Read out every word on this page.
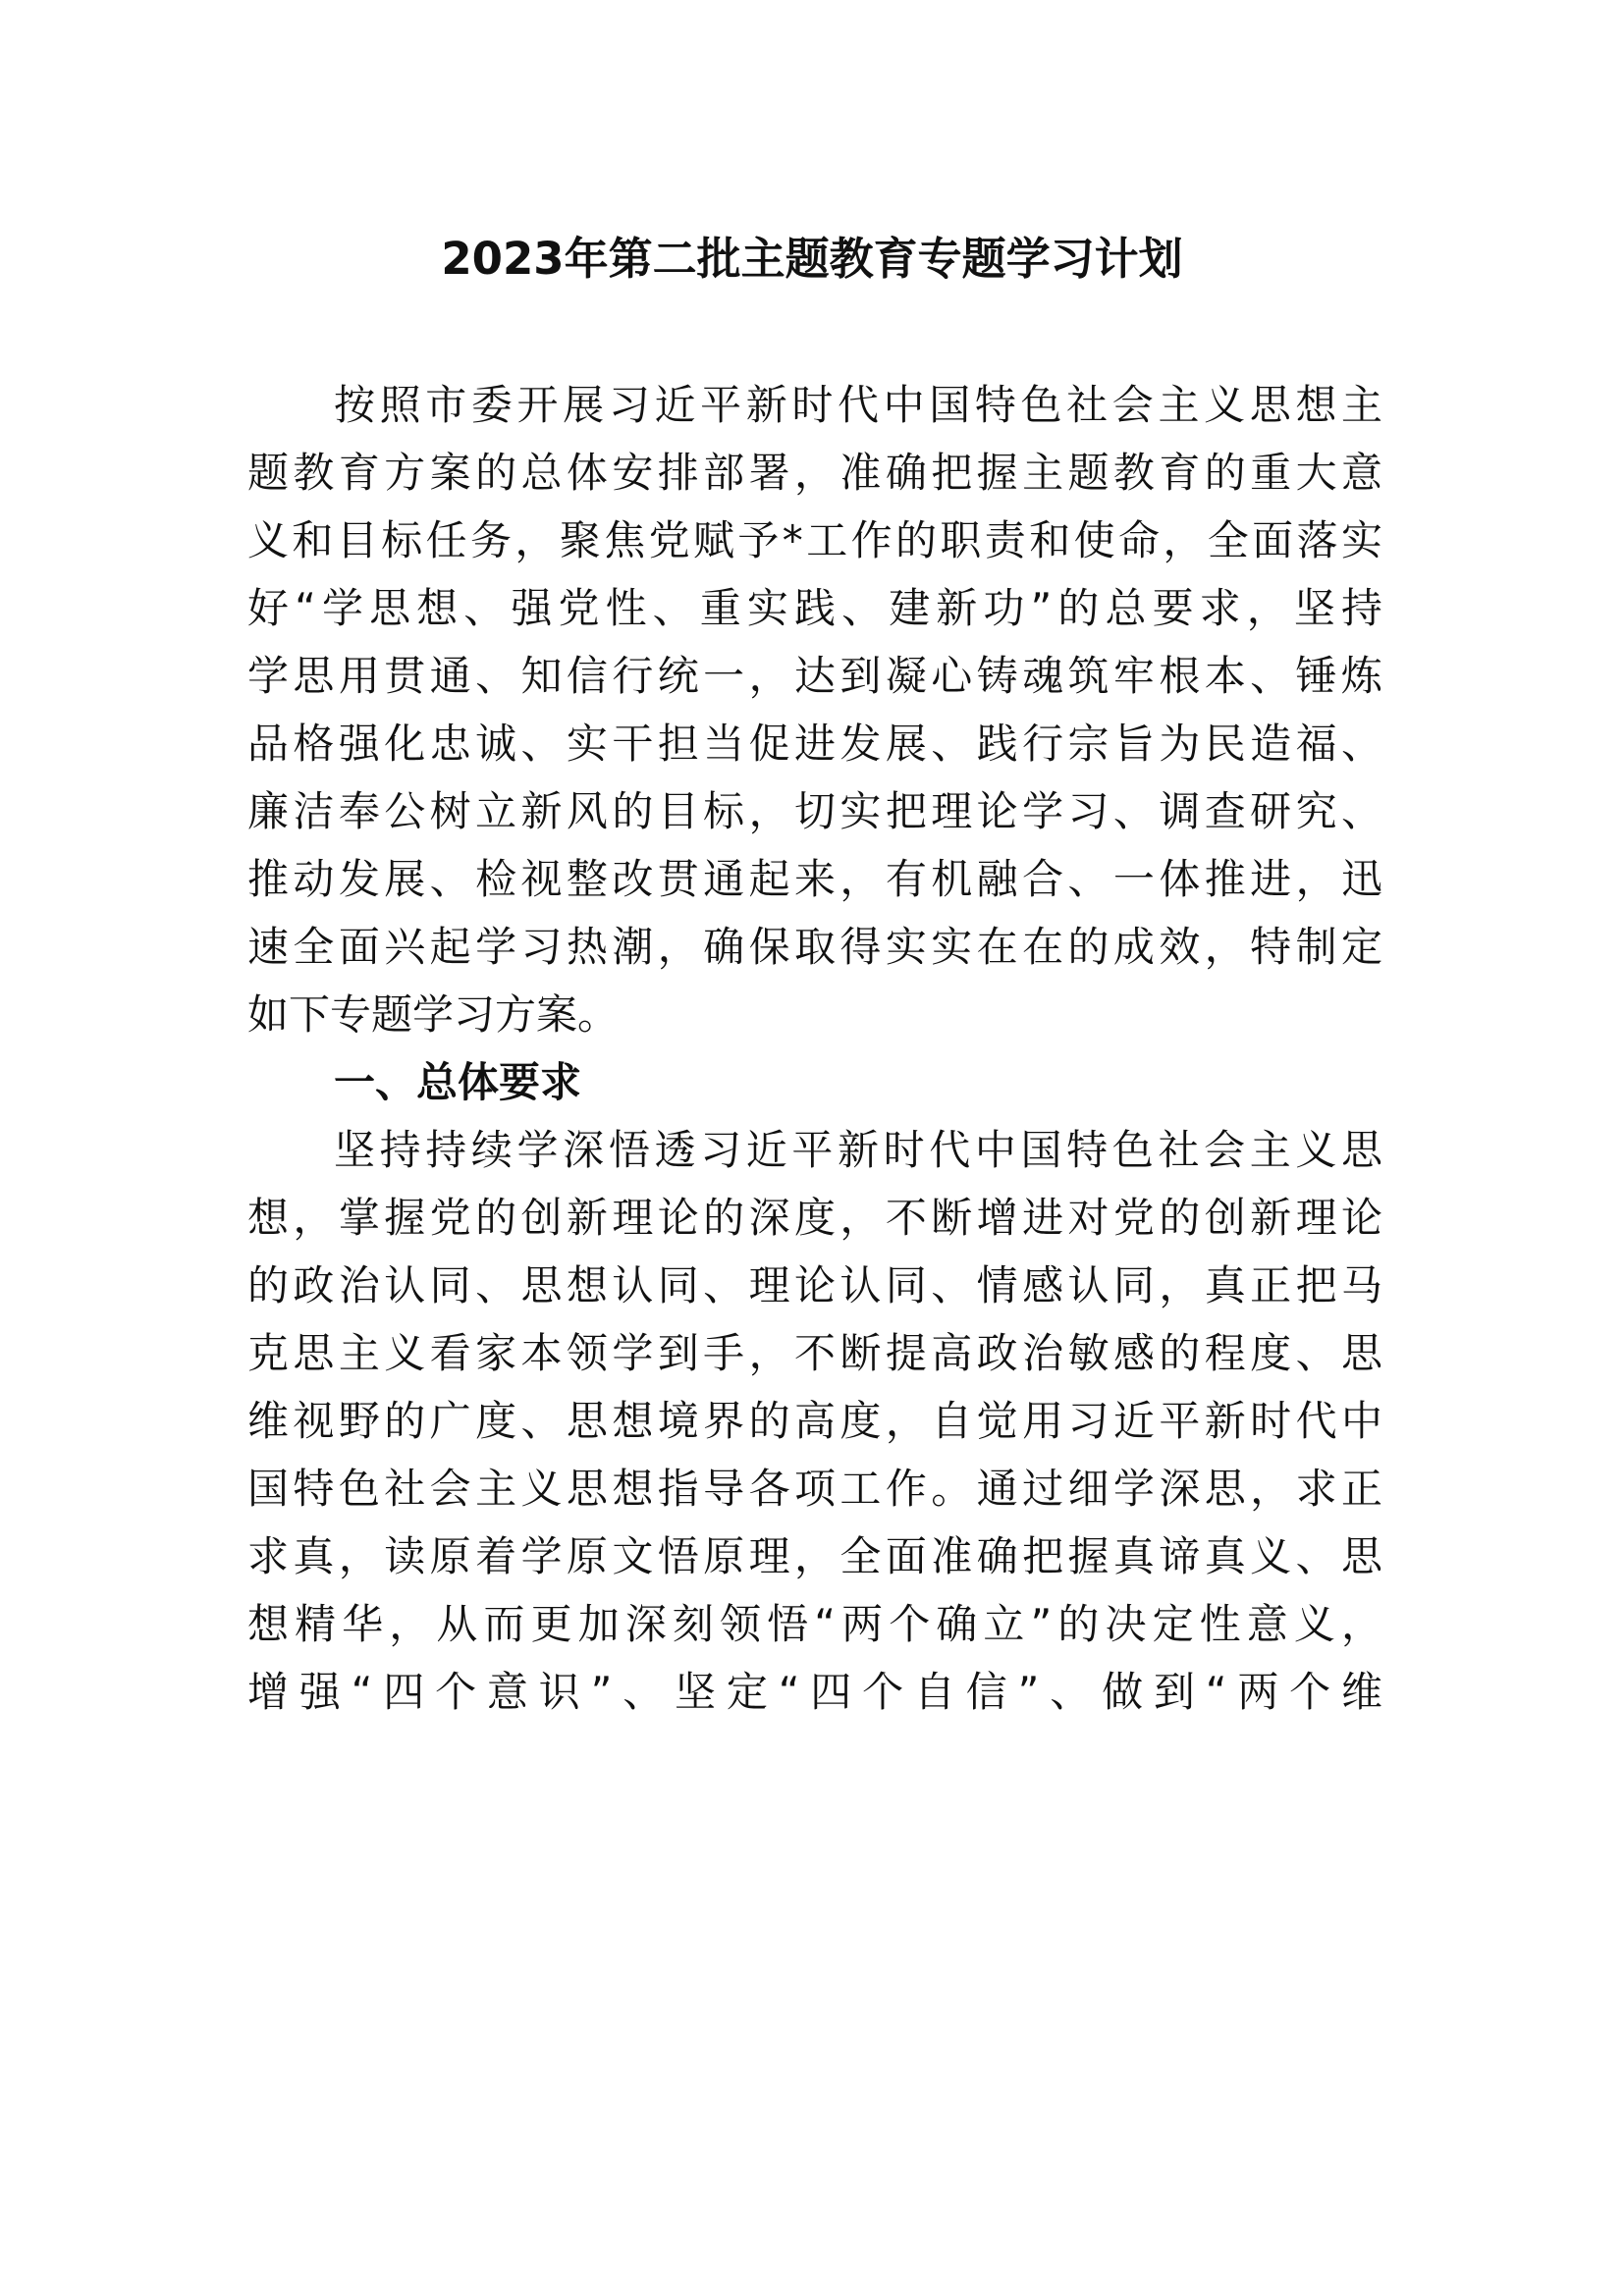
2023年第二批主题教育专题学习计划

按照市委开展习近平新时代中国特色社会主义思想主

题教育方案的总体安排部署，准确把握主题教育的重大意

义和目标任务，聚焦党赋予*工作的职责和使命，全面落实

好“学思想、强党性、重实践、建新功”的总要求，坚持

学思用贯通、知信行统一，达到凝心铸魂筑牢根本、锤炼

品格强化忠诚、实干担当促进发展、践行宗旨为民造福、

廉洁奉公树立新风的目标，切实把理论学习、调查研究、

推动发展、检视整改贯通起来，有机融合、一体推进，迅

速全面兴起学习热潮，确保取得实实在在的成效，特制定

如下专题学习方案。

一、总体要求

坚持持续学深悟透习近平新时代中国特色社会主义思

想，掌握党的创新理论的深度，不断增进对党的创新理论

的政治认同、思想认同、理论认同、情感认同，真正把马

克思主义看家本领学到手，不断提高政治敏感的程度、思

维视野的广度、思想境界的高度，自觉用习近平新时代中

国特色社会主义思想指导各项工作。通过细学深思，求正

求真，读原着学原文悟原理，全面准确把握真谛真义、思

想精华，从而更加深刻领悟“两个确立”的决定性意义，

增强“四个意识”、坚定“四个自信”、做到“两个维
